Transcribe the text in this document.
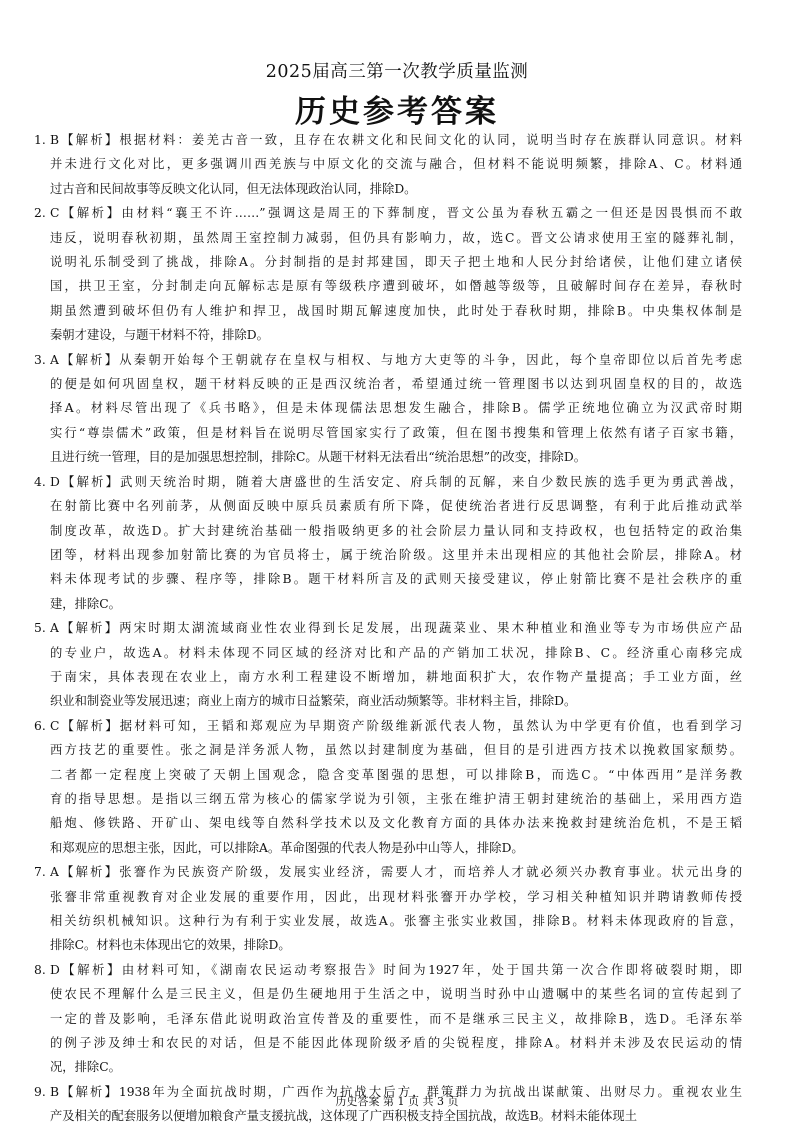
2025届高三第一次教学质量监测
历史参考答案
1. B【解析】根据材料：姜羌古音一致，且存在农耕文化和民间文化的认同，说明当时存在族群认同意识。材料
并未进行文化对比，更多强调川西羌族与中原文化的交流与融合，但材料不能说明频繁，排除A、C。材料通
过古音和民间故事等反映文化认同，但无法体现政治认同，排除D。
2. C【解析】由材料“襄王不许……”强调这是周王的下葬制度，晋文公虽为春秋五霸之一但还是因畏惧而不敢
违反，说明春秋初期，虽然周王室控制力减弱，但仍具有影响力，故，选C。晋文公请求使用王室的隧葬礼制，
说明礼乐制受到了挑战，排除A。分封制指的是封邦建国，即天子把土地和人民分封给诸侯，让他们建立诸侯
国，拱卫王室，分封制走向瓦解标志是原有等级秩序遭到破坏，如僭越等级等，且破解时间存在差异，春秋时
期虽然遭到破坏但仍有人维护和捍卫，战国时期瓦解速度加快，此时处于春秋时期，排除B。中央集权体制是
秦朝才建设，与题干材料不符，排除D。
3. A【解析】从秦朝开始每个王朝就存在皇权与相权、与地方大吏等的斗争，因此，每个皇帝即位以后首先考虑
的便是如何巩固皇权，题干材料反映的正是西汉统治者，希望通过统一管理图书以达到巩固皇权的目的，故选
择A。材料尽管出现了《兵书略》，但是未体现儒法思想发生融合，排除B。儒学正统地位确立为汉武帝时期
实行“尊崇儒术”政策，但是材料旨在说明尽管国家实行了政策，但在图书搜集和管理上依然有诸子百家书籍，
且进行统一管理，目的是加强思想控制，排除C。从题干材料无法看出“统治思想”的改变，排除D。
4. D【解析】武则天统治时期，随着大唐盛世的生活安定、府兵制的瓦解，来自少数民族的选手更为勇武善战，
在射箭比赛中名列前茅，从侧面反映中原兵员素质有所下降，促使统治者进行反思调整，有利于此后推动武举
制度改革，故选D。扩大封建统治基础一般指吸纳更多的社会阶层力量认同和支持政权，也包括特定的政治集
团等，材料出现参加射箭比赛的为官员将士，属于统治阶级。这里并未出现相应的其他社会阶层，排除A。材
料未体现考试的步骤、程序等，排除B。题干材料所言及的武则天接受建议，停止射箭比赛不是社会秩序的重
建，排除C。
5. A【解析】两宋时期太湖流域商业性农业得到长足发展，出现蔬菜业、果木种植业和渔业等专为市场供应产品
的专业户，故选A。材料未体现不同区域的经济对比和产品的产销加工状况，排除B、C。经济重心南移完成
于南宋，具体表现在农业上，南方水利工程建设不断增加，耕地面积扩大，农作物产量提高；手工业方面，丝
织业和制瓷业等发展迅速；商业上南方的城市日益繁荣，商业活动频繁等。非材料主旨，排除D。
6. C【解析】据材料可知，王韬和郑观应为早期资产阶级维新派代表人物，虽然认为中学更有价值，也看到学习
西方技艺的重要性。张之洞是洋务派人物，虽然以封建制度为基础，但目的是引进西方技术以挽救国家颓势。
二者都一定程度上突破了天朝上国观念，隐含变革图强的思想，可以排除B，而选C。“中体西用”是洋务教
育的指导思想。是指以三纲五常为核心的儒家学说为引领，主张在维护清王朝封建统治的基础上，采用西方造
船炮、修铁路、开矿山、架电线等自然科学技术以及文化教育方面的具体办法来挽救封建统治危机，不是王韬
和郑观应的思想主张，因此，可以排除A。革命图强的代表人物是孙中山等人，排除D。
7. A【解析】张謇作为民族资产阶级，发展实业经济，需要人才，而培养人才就必须兴办教育事业。状元出身的
张謇非常重视教育对企业发展的重要作用，因此，出现材料张謇开办学校，学习相关种植知识并聘请教师传授
相关纺织机械知识。这种行为有利于实业发展，故选A。张謇主张实业救国，排除B。材料未体现政府的旨意，
排除C。材料也未体现出它的效果，排除D。
8. D【解析】由材料可知，《湖南农民运动考察报告》时间为1927年，处于国共第一次合作即将破裂时期，即
使农民不理解什么是三民主义，但是仍生硬地用于生活之中，说明当时孙中山遗嘱中的某些名词的宣传起到了
一定的普及影响，毛泽东借此说明政治宣传普及的重要性，而不是继承三民主义，故排除B，选D。毛泽东举
的例子涉及绅士和农民的对话，但是不能因此体现阶级矛盾的尖锐程度，排除A。材料并未涉及农民运动的情
况，排除C。
9. B【解析】1938年为全面抗战时期，广西作为抗战大后方，群策群力为抗战出谋献策、出财尽力。重视农业生
产及相关的配套服务以便增加粮食产量支援抗战，这体现了广西积极支持全国抗战，故选B。材料未能体现土
历史答案 第 1 页 共 3 页
